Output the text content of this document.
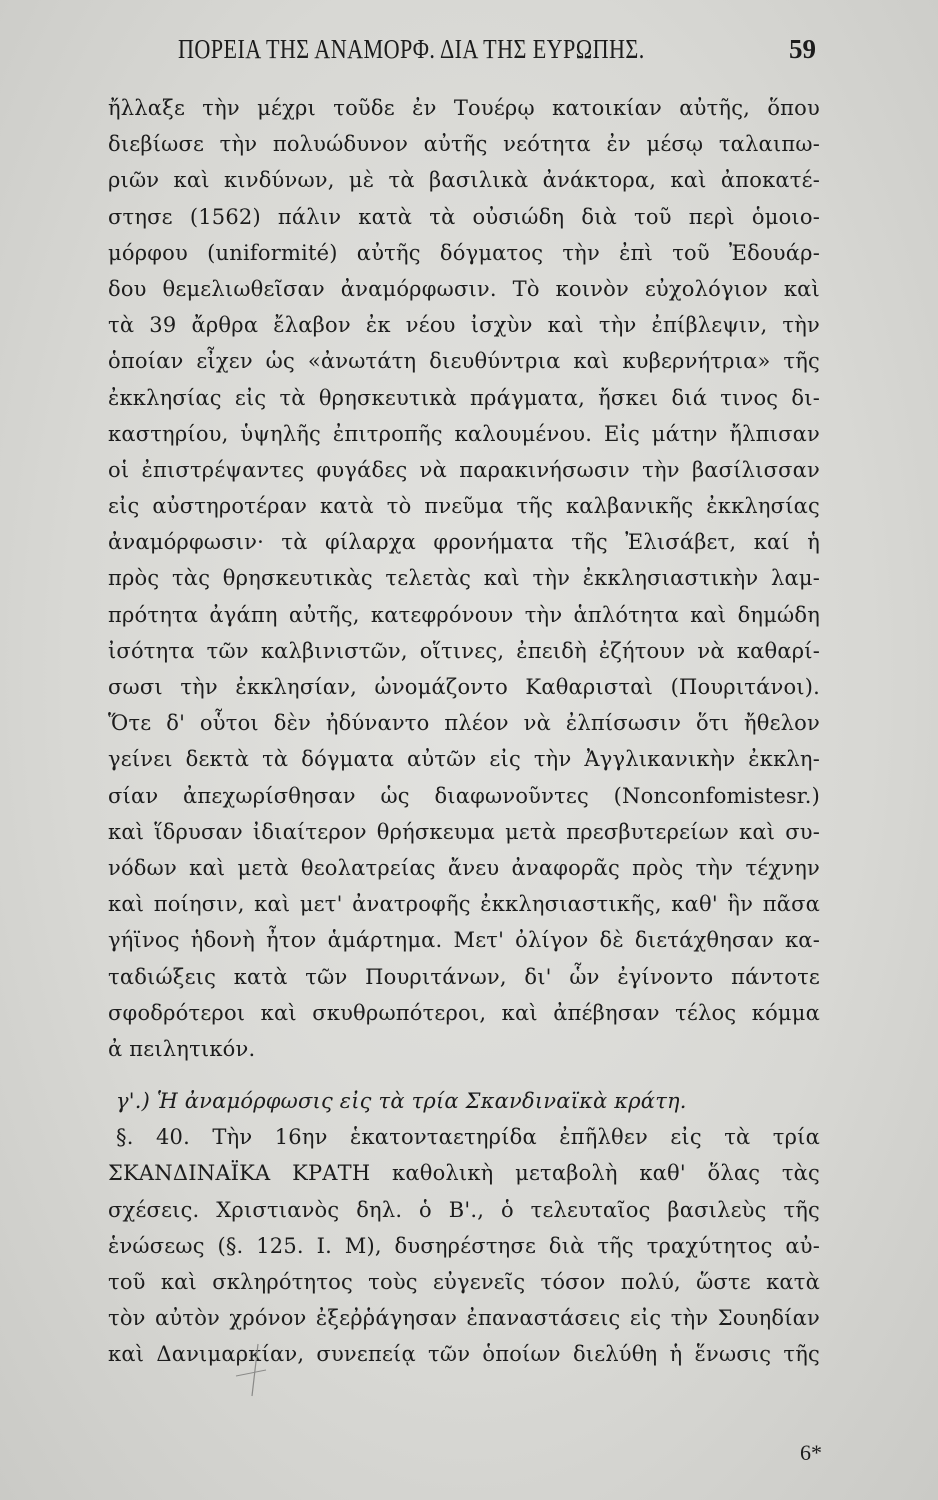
ΠΟΡΕΙΑ ΤΗΣ ΑΝΑΜΟΡΦ. ΔΙΑ ΤΗΣ ΕΥΡΩΠΗΣ.	59
ἤλλαξε τὴν μέχρι τοῦδε ἐν Τουέρῳ κατοικίαν αὐτῆς, ὅπου
διεβίωσε τὴν πολυώδυνον αὐτῆς νεότητα ἐν μέσῳ ταλαιπω-
ριῶν καὶ κινδύνων, μὲ τὰ βασιλικὰ ἀνάκτορα, καὶ ἀποκατέ-
στησε (1562) πάλιν κατὰ τὰ οὐσιώδη διὰ τοῦ περὶ ὁμοιο-
μόρφου (uniformité) αὐτῆς δόγματος τὴν ἐπὶ τοῦ Ἐδουάρ-
δου θεμελιωθεῖσαν ἀναμόρφωσιν. Τὸ κοινὸν εὐχολόγιον καὶ
τὰ 39 ἄρθρα ἔλαβον ἐκ νέου ἰσχὺν καὶ τὴν ἐπίβλεψιν, τὴν
ὁποίαν εἶχεν ὡς «ἀνωτάτη διευθύντρια καὶ κυβερνήτρια» τῆς
ἐκκλησίας εἰς τὰ θρησκευτικὰ πράγματα, ἤσκει διά τινος δι-
καστηρίου, ὑψηλῆς ἐπιτροπῆς καλουμένου. Εἰς μάτην ἤλπισαν
οἱ ἐπιστρέψαντες φυγάδες νὰ παρακινήσωσιν τὴν βασίλισσαν
εἰς αὐστηροτέραν κατὰ τὸ πνεῦμα τῆς καλβανικῆς ἐκκλησίας
ἀναμόρφωσιν· τὰ φίλαρχα φρονήματα τῆς Ἐλισάβετ, καί ἡ
πρὸς τὰς θρησκευτικὰς τελετὰς καὶ τὴν ἐκκλησιαστικὴν λαμ-
πρότητα ἀγάπη αὐτῆς, κατεφρόνουν τὴν ἁπλότητα καὶ δημώδη
ἰσότητα τῶν καλβινιστῶν, οἵτινες, ἐπειδὴ ἐζήτουν νὰ καθαρί-
σωσι τὴν ἐκκλησίαν, ὠνομάζοντο Καθαρισταὶ (Πουριτάνοι).
Ὅτε δ' οὗτοι δὲν ἠδύναντο πλέον νὰ ἐλπίσωσιν ὅτι ἤθελον
γείνει δεκτὰ τὰ δόγματα αὐτῶν εἰς τὴν Ἀγγλικανικὴν ἐκκλη-
σίαν ἀπεχωρίσθησαν ὡς διαφωνοῦντες (Nonconfomistesr.)
καὶ ἵδρυσαν ἰδιαίτερον θρήσκευμα μετὰ πρεσβυτερείων καὶ συ-
νόδων καὶ μετὰ θεολατρείας ἄνευ ἀναφορᾶς πρὸς τὴν τέχνην
καὶ ποίησιν, καὶ μετ' ἀνατροφῆς ἐκκλησιαστικῆς, καθ' ἣν πᾶσα
γήϊνος ἡδονὴ ἦτον ἁμάρτημα. Μετ' ὀλίγον δὲ διετάχθησαν κα-
ταδιώξεις κατὰ τῶν Πουριτάνων, δι' ὧν ἐγίνοντο πάντοτε
σφοδρότεροι καὶ σκυθρωπότεροι, καὶ ἀπέβησαν τέλος κόμμα
ἀ πειλητικόν.
γ'.) Ἡ ἀναμόρφωσις εἰς τὰ τρία Σκανδιναϊκὰ κράτη.
§. 40. Τὴν 16ην ἑκατονταετηρίδα ἐπῆλθεν εἰς τὰ τρία
ΣΚΑΝΔΙΝΑΪΚΑ ΚΡΑΤΗ καθολικὴ μεταβολὴ καθ' ὅλας τὰς
σχέσεις. Χριστιανὸς δηλ. ὁ Β'., ὁ τελευταῖος βασιλεὺς τῆς
ἑνώσεως (§. 125. I. M), δυσηρέστησε διὰ τῆς τραχύτητος αὐ-
τοῦ καὶ σκληρότητος τοὺς εὐγενεῖς τόσον πολύ, ὥστε κατὰ
τὸν αὐτὸν χρόνον ἐξεῤῥάγησαν ἐπαναστάσεις εἰς τὴν Σουηδίαν
καὶ Δανιμαρκίαν, συνεπείᾳ τῶν ὁποίων διελύθη ἡ ἕνωσις τῆς
6*
